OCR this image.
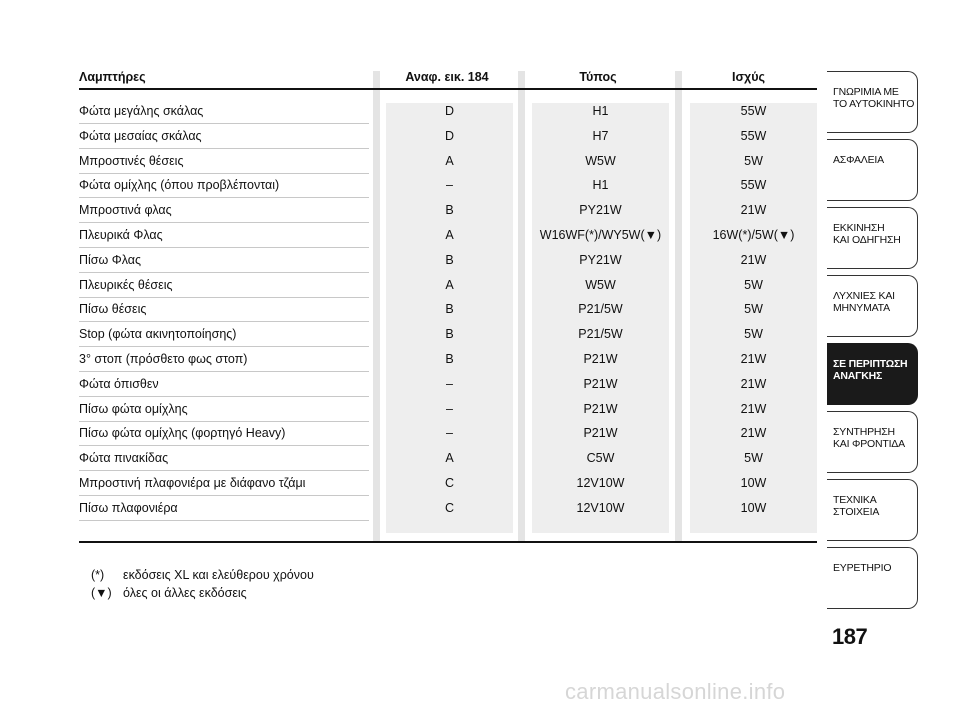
Λαμπτήρες	Αναφ. εικ. 184	Τύπος	Ισχύς
Φώτα μεγάλης σκάλας	D	H1	55W
Φώτα μεσαίας σκάλας	D	H7	55W
Μπροστινές θέσεις	A	W5W	5W
Φώτα ομίχλης (όπου προβλέπονται)	–	H1	55W
Μπροστινά φλας	B	PY21W	21W
Πλευρικά Φλας	A	W16WF(*)/WY5W(▼)	16W(*)/5W(▼)
Πίσω Φλας	B	PY21W	21W
Πλευρικές θέσεις	A	W5W	5W
Πίσω θέσεις	B	P21/5W	5W
Stop (φώτα ακινητοποίησης)	B	P21/5W	5W
3° στοπ (πρόσθετο φως στοπ)	B	P21W	21W
Φώτα όπισθεν	–	P21W	21W
Πίσω φώτα ομίχλης	–	P21W	21W
Πίσω φώτα ομίχλης (φορτηγό Heavy)	–	P21W	21W
Φώτα πινακίδας	A	C5W	5W
Μπροστινή πλαφονιέρα με διάφανο τζάμι	C	12V10W	10W
Πίσω πλαφονιέρα	C	12V10W	10W
(*)	εκδόσεις XL και ελεύθερου χρόνου
(▼) όλες οι άλλες εκδόσεις
ΓΝΩΡΙΜΙΑ ΜΕ
ΤΟ ΑΥΤΟΚΙΝΗΤΟ
ΑΣΦΑΛΕΙΑ
ΕΚΚΙΝΗΣΗ
ΚΑΙ ΟΔΗΓΗΣΗ
ΛΥΧΝΙΕΣ ΚΑΙ
ΜΗΝΥΜΑΤΑ
ΣΕ ΠΕΡΙΠΤΩΣΗ
ΑΝΑΓΚΗΣ
ΣΥΝΤΗΡΗΣΗ
ΚΑΙ ΦΡΟΝΤΙΔΑ
ΤΕΧΝΙΚΑ
ΣΤΟΙΧΕΙΑ
ΕΥΡΕΤΗΡΙΟ
187
carmanualsonline.info
